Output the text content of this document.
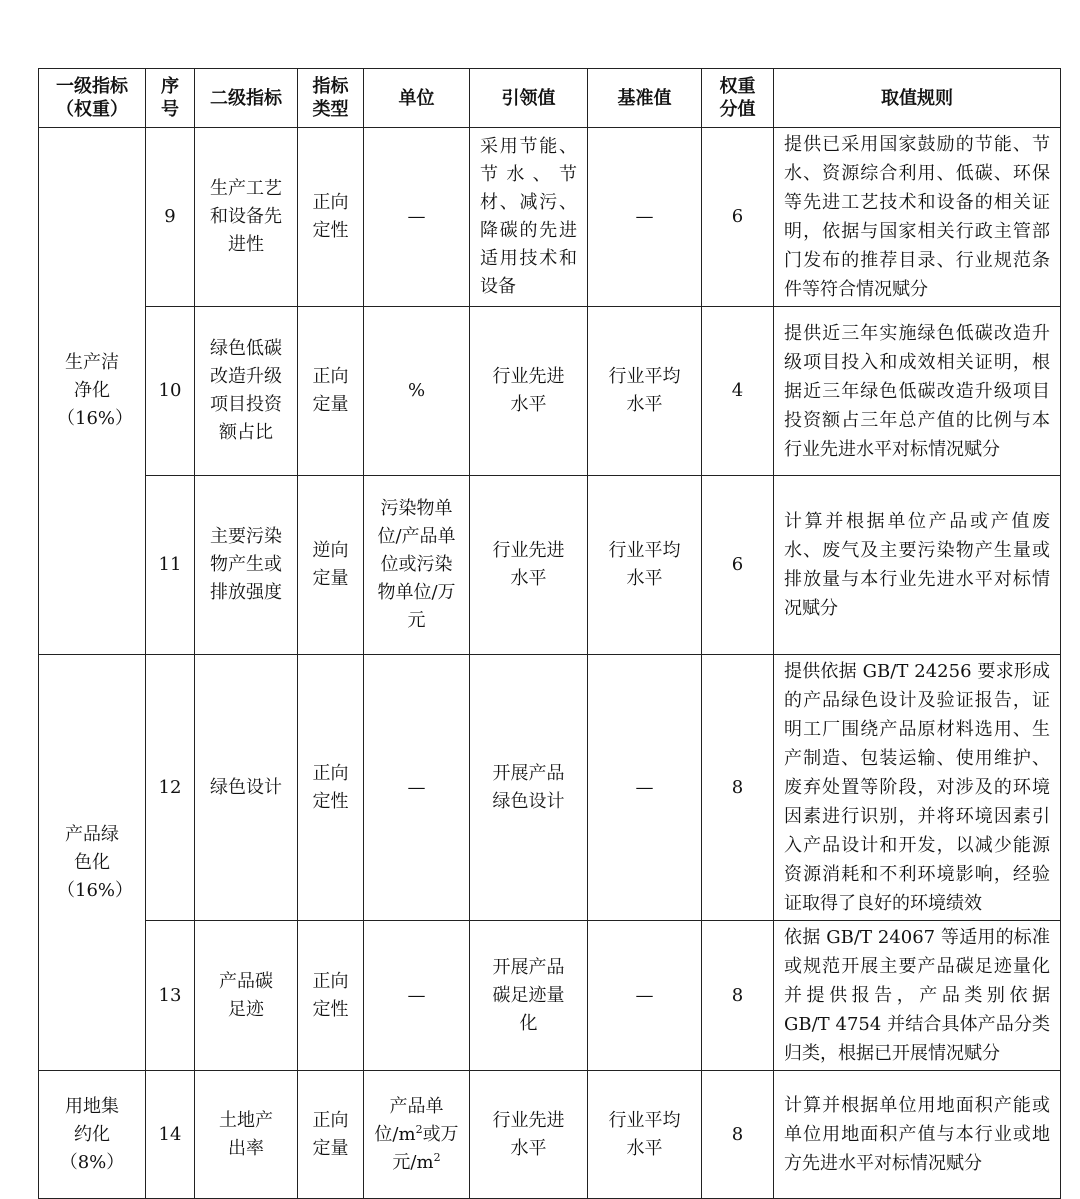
一级指标（权重）	序号	二级指标	指标类型	单位	引领值	基准值	权重分值	取值规则
生产洁净化（16%）	9	生产工艺和设备先进性	正向定性	—	采用节能、节水、节材、减污、降碳的先进适用技术和设备	—	6	提供已采用国家鼓励的节能、节水、资源综合利用、低碳、环保等先进工艺技术和设备的相关证明，依据与国家相关行政主管部门发布的推荐目录、行业规范条件等符合情况赋分
	10	绿色低碳改造升级项目投资额占比	正向定量	%	行业先进水平	行业平均水平	4	提供近三年实施绿色低碳改造升级项目投入和成效相关证明，根据近三年绿色低碳改造升级项目投资额占三年总产值的比例与本行业先进水平对标情况赋分
	11	主要污染物产生或排放强度	逆向定量	污染物单位/产品单位或污染物单位/万元	行业先进水平	行业平均水平	6	计算并根据单位产品或产值废水、废气及主要污染物产生量或排放量与本行业先进水平对标情况赋分
产品绿色化（16%）	12	绿色设计	正向定性	—	开展产品绿色设计	—	8	提供依据 GB/T 24256 要求形成的产品绿色设计及验证报告，证明工厂围绕产品原材料选用、生产制造、包装运输、使用维护、废弃处置等阶段，对涉及的环境因素进行识别，并将环境因素引入产品设计和开发，以减少能源资源消耗和不利环境影响，经验证取得了良好的环境绩效
	13	产品碳足迹	正向定性	—	开展产品碳足迹量化	—	8	依据 GB/T 24067 等适用的标准或规范开展主要产品碳足迹量化并提供报告，产品类别依据 GB/T 4754 并结合具体产品分类归类，根据已开展情况赋分
用地集约化（8%）	14	土地产出率	正向定量	产品单位$/m^2$或万元$/m^2$	行业先进水平	行业平均水平	8	计算并根据单位用地面积产能或单位用地面积产值与本行业或地方先进水平对标情况赋分
